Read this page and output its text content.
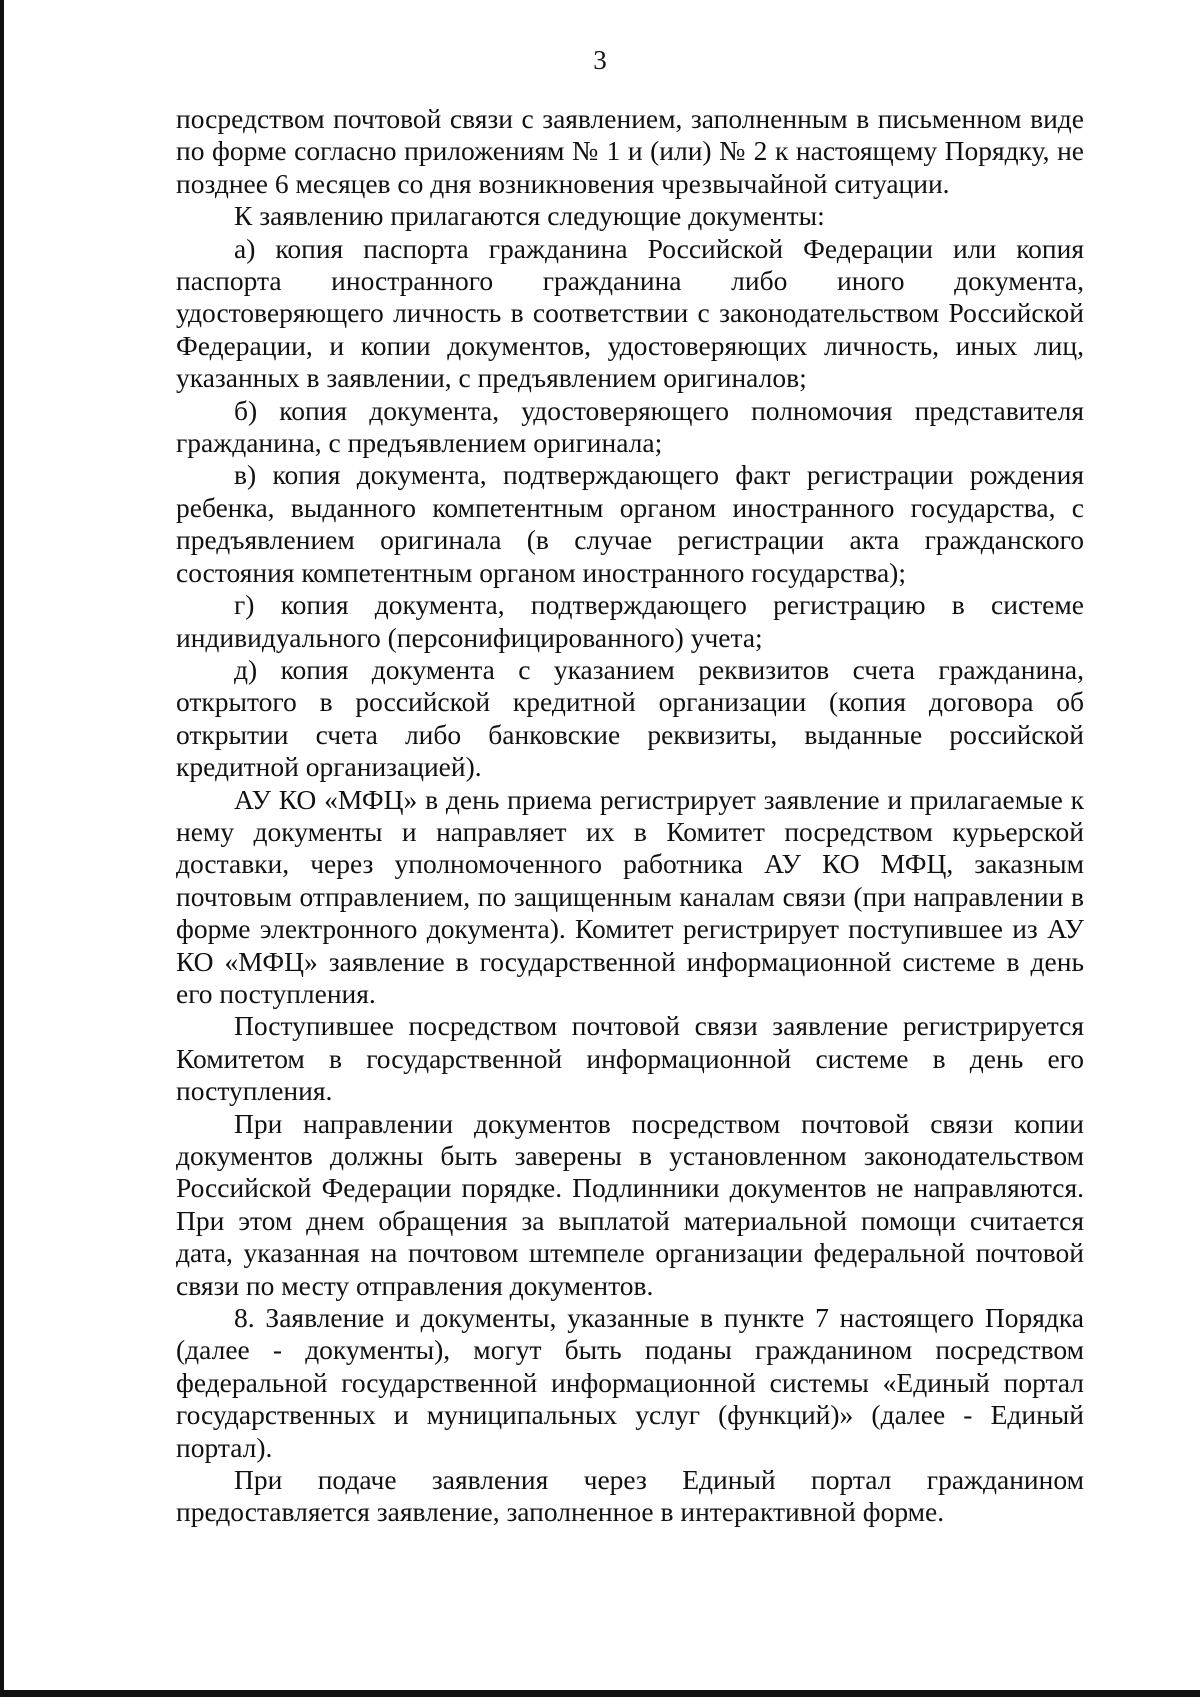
3

посредством почтовой связи с заявлением, заполненным в письменном виде по форме согласно приложениям № 1 и (или) № 2 к настоящему Порядку, не позднее 6 месяцев со дня возникновения чрезвычайной ситуации.

К заявлению прилагаются следующие документы:

а) копия паспорта гражданина Российской Федерации или копия паспорта иностранного гражданина либо иного документа, удостоверяющего личность в соответствии с законодательством Российской Федерации, и копии документов, удостоверяющих личность, иных лиц, указанных в заявлении, с предъявлением оригиналов;

б) копия документа, удостоверяющего полномочия представителя гражданина, с предъявлением оригинала;

в) копия документа, подтверждающего факт регистрации рождения ребенка, выданного компетентным органом иностранного государства, с предъявлением оригинала (в случае регистрации акта гражданского состояния компетентным органом иностранного государства);

г) копия документа, подтверждающего регистрацию в системе индивидуального (персонифицированного) учета;

д) копия документа с указанием реквизитов счета гражданина, открытого в российской кредитной организации (копия договора об открытии счета либо банковские реквизиты, выданные российской кредитной организацией).

АУ КО «МФЦ» в день приема регистрирует заявление и прилагаемые к нему документы и направляет их в Комитет посредством курьерской доставки, через уполномоченного работника АУ КО МФЦ, заказным почтовым отправлением, по защищенным каналам связи (при направлении в форме электронного документа). Комитет регистрирует поступившее из АУ КО «МФЦ» заявление в государственной информационной системе в день его поступления.

Поступившее посредством почтовой связи заявление регистрируется Комитетом в государственной информационной системе в день его поступления.

При направлении документов посредством почтовой связи копии документов должны быть заверены в установленном законодательством Российской Федерации порядке. Подлинники документов не направляются. При этом днем обращения за выплатой материальной помощи считается дата, указанная на почтовом штемпеле организации федеральной почтовой связи по месту отправления документов.

8. Заявление и документы, указанные в пункте 7 настоящего Порядка (далее - документы), могут быть поданы гражданином посредством федеральной государственной информационной системы «Единый портал государственных и муниципальных услуг (функций)» (далее - Единый портал).

При подаче заявления через Единый портал гражданином предоставляется заявление, заполненное в интерактивной форме.
